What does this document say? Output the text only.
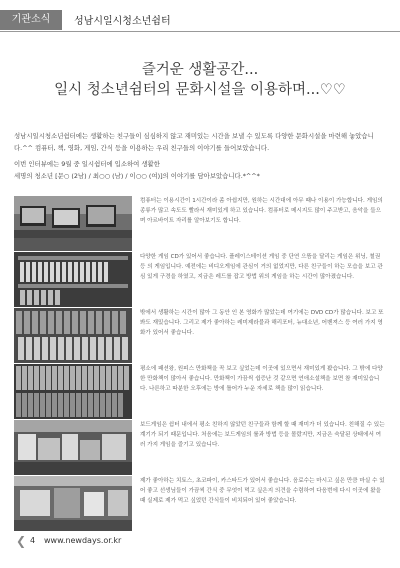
기관소식	성남시일시청소년쉼터
즐거운 생활공간...
일시 청소년쉼터의 문화시설을 이용하며...♡♡

성남시일시청소년쉼터에는 생활하는 친구들이 심심하지 않고 재미있는 시간을 보낼 수 있도록 다양한 문화시설을 마련해 놓았습니다.^^ 컴퓨터, 책, 영화, 게임, 간식 등을 이용하는 우리 친구들의 이야기를 들어보았습니다.

이번 인터뷰에는 9월 중 일시쉼터에 입소하여 생활한

세명의 청소년 [문○ (2남) / 최○○ (남) / 이○○ (여)]의 이야기를 담아보았습니다.*^^*

컴퓨터는 이용시간이 1시간이라 좀 아쉽지만, 원하는 시간대에 아무 때나 이용이 가능합니다. 게임의 종류가 많고 속도도 빨라서 재미있게 하고 있습니다. 컴퓨터로 메시지도 많이 주고받고, 음악을 들으며 아르바이트 자리를 알아보기도 합니다.
다양한 게임 CD가 있어서 좋습니다. 플레이스테이션 게임 중 단연 으뜸을 달리는 게임은 위닝, 철권 등 의 게임입니다. 예전에는 비디오게임에 관심이 거의 없었지만, 다른 친구들이 하는 모습을 보고 관심 있게 구경을 하였고, 지금은 레드를 잡고 방법 위의 게임을 하는 시간이 많아졌습니다.
밖에서 생활하는 시간이 많아 그 동안 인 본 영화가 많았는데 여기에는 DVD CD가 많습니다. 보고 또 봐도 재밌습니다. 그리고 제가 좋아하는 레미제라블과 해리포터, 뉴대소년, 어벤져스 등 여러 가지 영화가 있어서 좋습니다.
평소에 패션왕, 원피스 만화책을 꼭 보고 싶었는데 이곳에 있으면서 재미있게 봤습니다. 그 밖에 다양한 만화책이 많아서 좋습니다. 만화책이 가끔씩 쉽증난 것 같으면 연애소설책을 보면 참 재미있습니다. 나른하고 따분한 오후에는 방에 틀어가 누운 자세로 책을 많이 읽습니다.
보드게임은 쉼터 내에서 평소 친하지 않았던 친구들과 함께 할 때 재미가 더 있습니다. 친해질 수 있는 계기가 되기 때문입니다. 처음에는 보드게임의 룰과 방법 등을 몰랐지만, 지금은 숙달된 상태에서 여러 가지 게임을 즐기고 있습니다.
제가 좋아하는 치토스, 초코파이, 카스타드가 있어서 좋습니다. 음료수는 마시고 싶은 만큼 마실 수 있어 좋고 선생님들이 가끔씩 간식 중 무엇이 먹고 싶은지 의견을 수렴하여 다음번에 다시 이곳에 왔을 때 실제로 제가 먹고 싶었던 간식들이 비치되어 있어 좋았습니다.
❮ 4 www.newdays.or.kr
